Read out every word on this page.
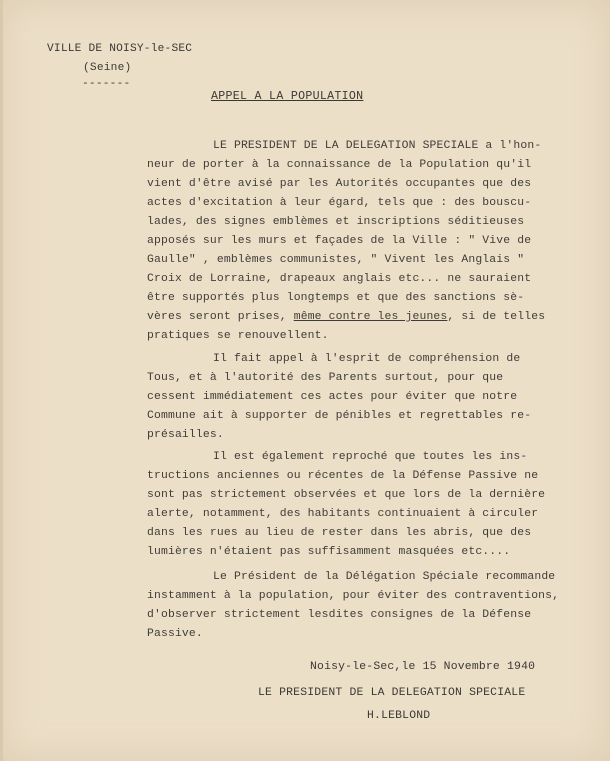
VILLE DE NOISY-le-SEC
(Seine)
-------
APPEL A LA POPULATION
LE PRESIDENT DE LA DELEGATION SPECIALE a l'hon-
neur de porter à la connaissance de la Population qu'il
vient d'être avisé par les Autorités occupantes que des
actes d'excitation à leur égard, tels que : des bouscu-
lades, des signes emblèmes et inscriptions séditieuses
apposés sur les murs et façades de la Ville : " Vive de
Gaulle" , emblèmes communistes, " Vivent les Anglais "
Croix de Lorraine, drapeaux anglais etc... ne sauraient
être supportés plus longtemps et que des sanctions sè-
vères seront prises, même contre les jeunes, si de telles
pratiques se renouvellent.
Il fait appel à l'esprit de compréhension de
Tous, et à l'autorité des Parents surtout, pour que
cessent immédiatement ces actes pour éviter que notre
Commune ait à supporter de pénibles et regrettables re-
présailles.
Il est également reproché que toutes les ins-
tructions anciennes ou récentes de la Défense Passive ne
sont pas strictement observées et que lors de la dernière
alerte, notamment, des habitants continuaient à circuler
dans les rues au lieu de rester dans les abris, que des
lumières n'étaient pas suffisamment masquées etc....
Le Président de la Délégation Spéciale recommande
instamment à la population, pour éviter des contraventions,
d'observer strictement lesdites consignes de la Défense
Passive.
Noisy-le-Sec,le 15 Novembre 1940
LE PRESIDENT DE LA DELEGATION SPECIALE
H.LEBLOND
